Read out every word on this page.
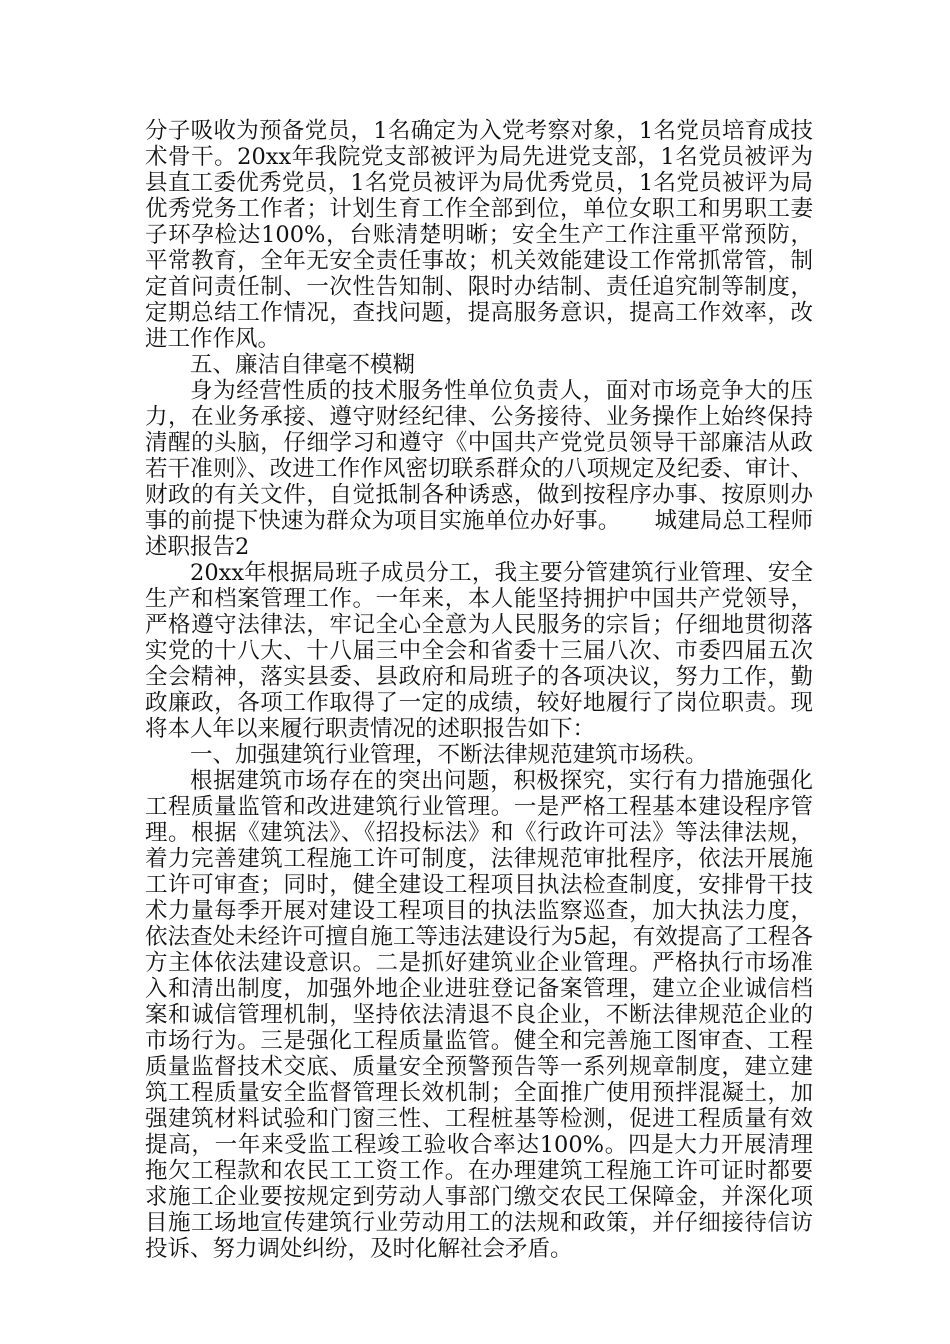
分子吸收为预备党员，1名确定为入党考察对象，1名党员培育成技术骨干。20xx年我院党支部被评为局先进党支部，1名党员被评为县直工委优秀党员，1名党员被评为局优秀党员，1名党员被评为局优秀党务工作者；计划生育工作全部到位，单位女职工和男职工妻子环孕检达100%，台账清楚明晰；安全生产工作注重平常预防，平常教育，全年无安全责任事故；机关效能建设工作常抓常管，制定首问责任制、一次性告知制、限时办结制、责任追究制等制度，定期总结工作情况，查找问题，提高服务意识，提高工作效率，改进工作作风。

五、廉洁自律毫不模糊

身为经营性质的技术服务性单位负责人，面对市场竞争大的压力，在业务承接、遵守财经纪律、公务接待、业务操作上始终保持清醒的头脑，仔细学习和遵守《中国共产党党员领导干部廉洁从政若干准则》、改进工作作风密切联系群众的八项规定及纪委、审计、财政的有关文件，自觉抵制各种诱惑，做到按程序办事、按原则办事的前提下快速为群众为项目实施单位办好事。　　城建局总工程师述职报告2

20xx年根据局班子成员分工，我主要分管建筑行业管理、安全生产和档案管理工作。一年来，本人能坚持拥护中国共产党领导，严格遵守法律法，牢记全心全意为人民服务的宗旨；仔细地贯彻落实党的十八大、十八届三中全会和省委十三届八次、市委四届五次全会精神，落实县委、县政府和局班子的各项决议，努力工作，勤政廉政，各项工作取得了一定的成绩，较好地履行了岗位职责。现将本人年以来履行职责情况的述职报告如下：

一、加强建筑行业管理，不断法律规范建筑市场秩。

根据建筑市场存在的突出问题，积极探究，实行有力措施强化工程质量监管和改进建筑行业管理。一是严格工程基本建设程序管理。根据《建筑法》、《招投标法》和《行政许可法》等法律法规，着力完善建筑工程施工许可制度，法律规范审批程序，依法开展施工许可审查；同时，健全建设工程项目执法检查制度，安排骨干技术力量每季开展对建设工程项目的执法监察巡查，加大执法力度，依法查处未经许可擅自施工等违法建设行为5起，有效提高了工程各方主体依法建设意识。二是抓好建筑业企业管理。严格执行市场准入和清出制度，加强外地企业进驻登记备案管理，建立企业诚信档案和诚信管理机制，坚持依法清退不良企业，不断法律规范企业的市场行为。三是强化工程质量监管。健全和完善施工图审查、工程质量监督技术交底、质量安全预警预告等一系列规章制度，建立建筑工程质量安全监督管理长效机制；全面推广使用预拌混凝土，加强建筑材料试验和门窗三性、工程桩基等检测，促进工程质量有效提高，一年来受监工程竣工验收合率达100%。四是大力开展清理拖欠工程款和农民工工资工作。在办理建筑工程施工许可证时都要求施工企业要按规定到劳动人事部门缴交农民工保障金，并深化项目施工场地宣传建筑行业劳动用工的法规和政策，并仔细接待信访投诉、努力调处纠纷，及时化解社会矛盾。
